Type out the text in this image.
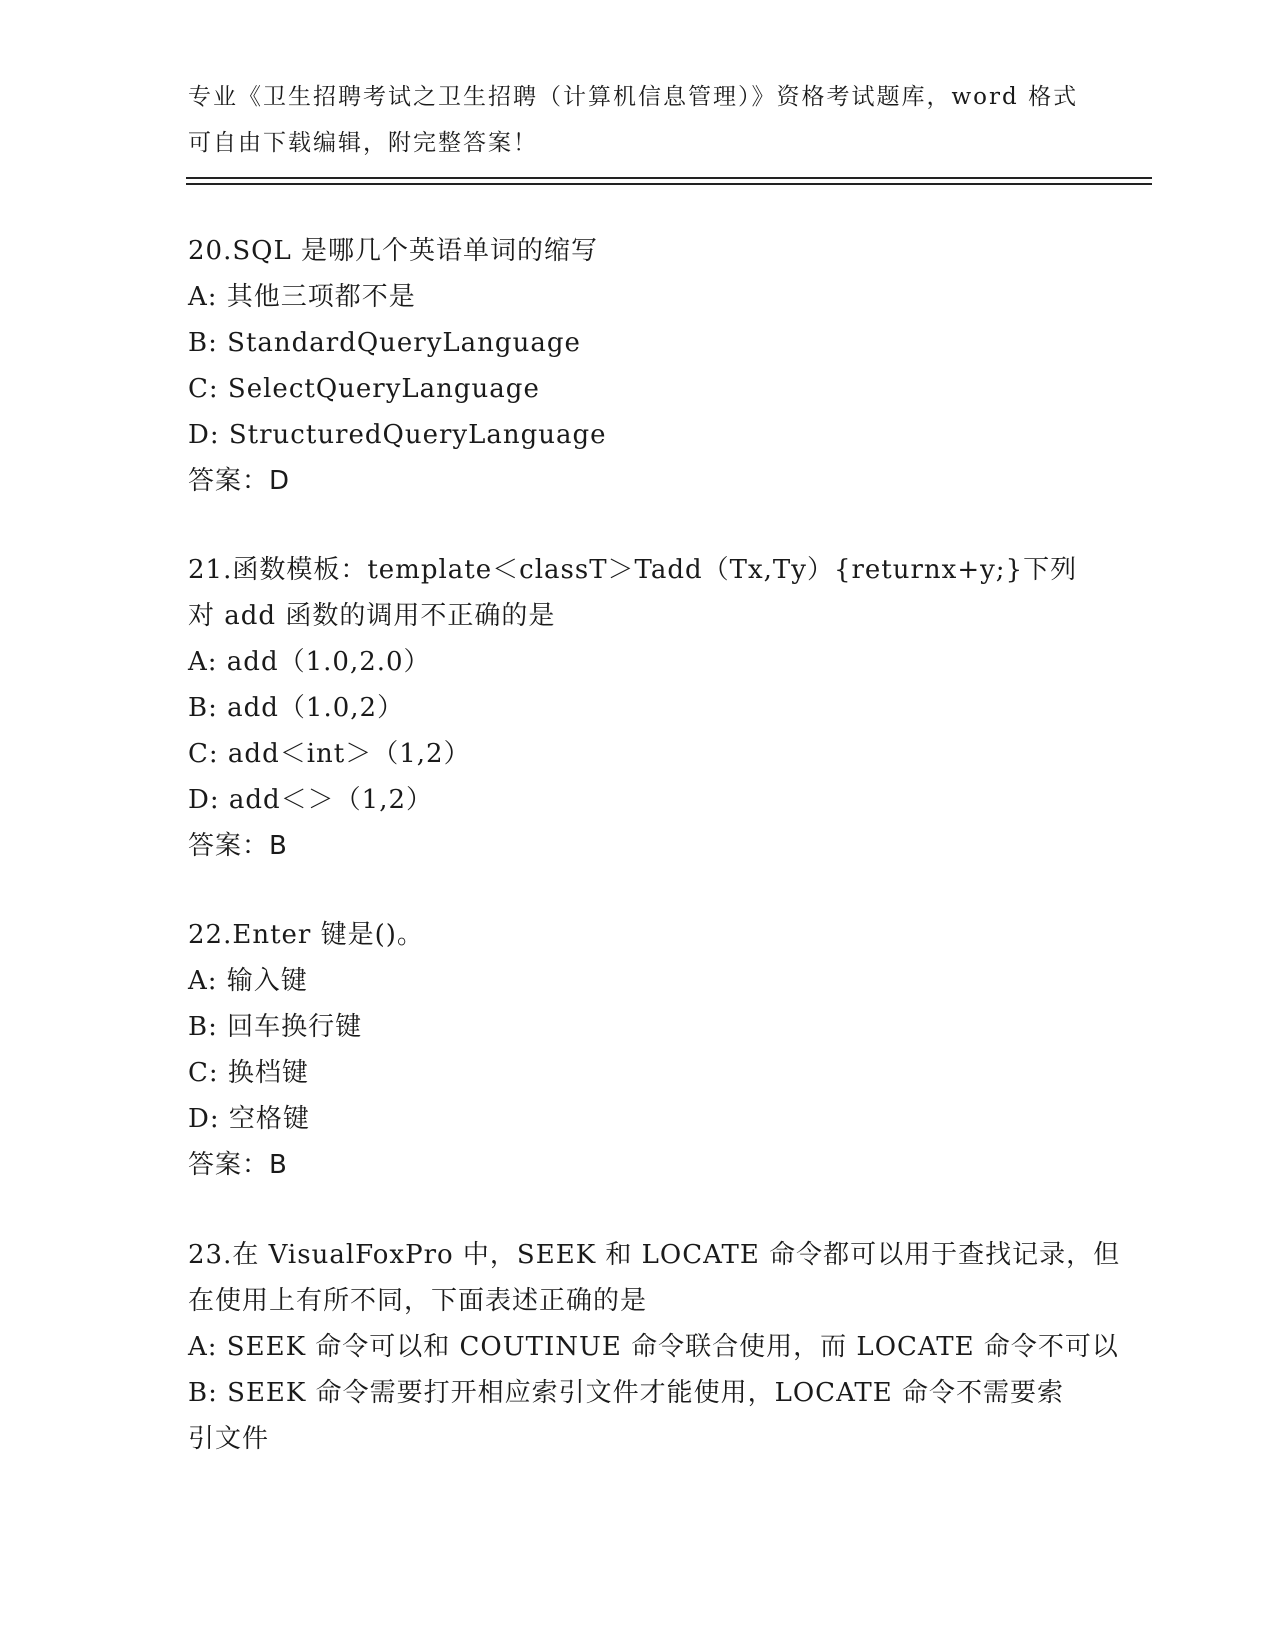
专业《卫生招聘考试之卫生招聘（计算机信息管理）》资格考试题库，word 格式
可自由下载编辑，附完整答案！
20.SQL 是哪几个英语单词的缩写
A: 其他三项都不是
B: StandardQueryLanguage
C: SelectQueryLanguage
D: StructuredQueryLanguage
答案：D
21.函数模板：template＜classT＞Tadd（Tx,Ty）{returnx+y;}下列
对 add 函数的调用不正确的是
A: add（1.0,2.0）
B: add（1.0,2）
C: add＜int＞（1,2）
D: add＜＞（1,2）
答案：B
22.Enter 键是()。
A: 输入键
B: 回车换行键
C: 换档键
D: 空格键
答案：B
23.在 VisualFoxPro 中，SEEK 和 LOCATE 命令都可以用于查找记录，但
在使用上有所不同，下面表述正确的是
A: SEEK 命令可以和 COUTINUE 命令联合使用，而 LOCATE 命令不可以
B: SEEK 命令需要打开相应索引文件才能使用，LOCATE 命令不需要索
引文件
